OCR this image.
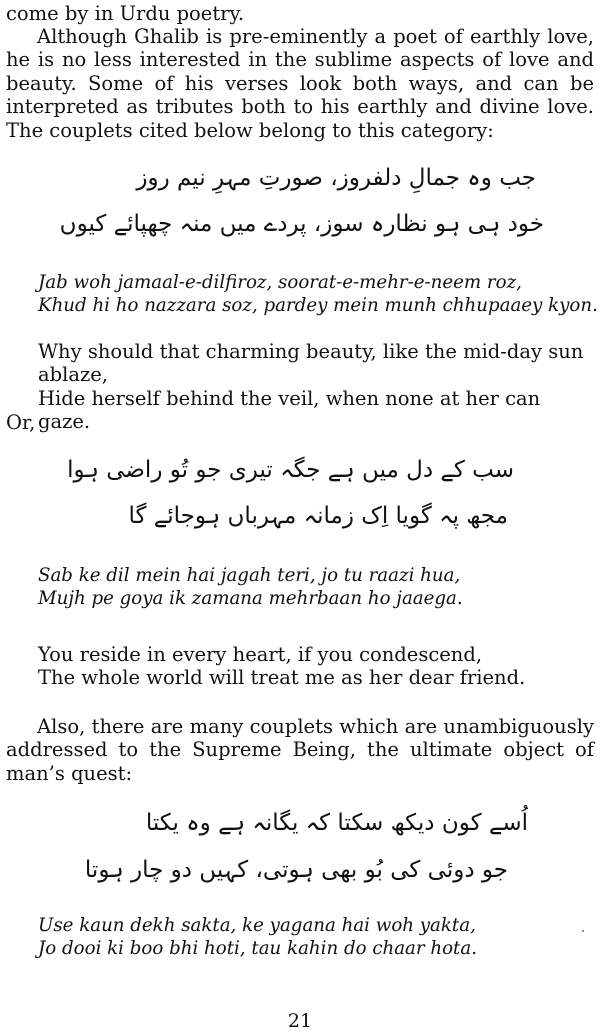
come by in Urdu poetry.

Although Ghalib is pre-eminently a poet of earthly love, he is no less interested in the sublime aspects of love and beauty. Some of his verses look both ways, and can be interpreted as tributes both to his earthly and divine love. The couplets cited below belong to this category:

جب وہ جمالِ دلفروز، صورتِ مہرِ نیم روز
خود ہی ہو نظارہ سوز، پردے میں منہ چھپائے کیوں

Jab woh jamaal-e-dilfiroz, soorat-e-mehr-e-neem roz,
Khud hi ho nazzara soz, pardey mein munh chhupaaey kyon.

Why should that charming beauty, like the mid-day sun
ablaze,
Hide herself behind the veil, when none at her can gaze.

Or,

سب کے دل میں ہے جگہ تیری جو تُو راضی ہوا
مجھ پہ گویا اِک زمانہ مہرباں ہوجائے گا

Sab ke dil mein hai jagah teri, jo tu raazi hua,
Mujh pe goya ik zamana mehrbaan ho jaaega.

You reside in every heart, if you condescend,
The whole world will treat me as her dear friend.

Also, there are many couplets which are unambiguously addressed to the Supreme Being, the ultimate object of man’s quest:

اُسے کون دیکھ سکتا کہ یگانہ ہے وہ یکتا
جو دوئی کی بُو بھی ہوتی، کہیں دو چار ہوتا

Use kaun dekh sakta, ke yagana hai woh yakta,
Jo dooi ki boo bhi hoti, tau kahin do chaar hota.

21
